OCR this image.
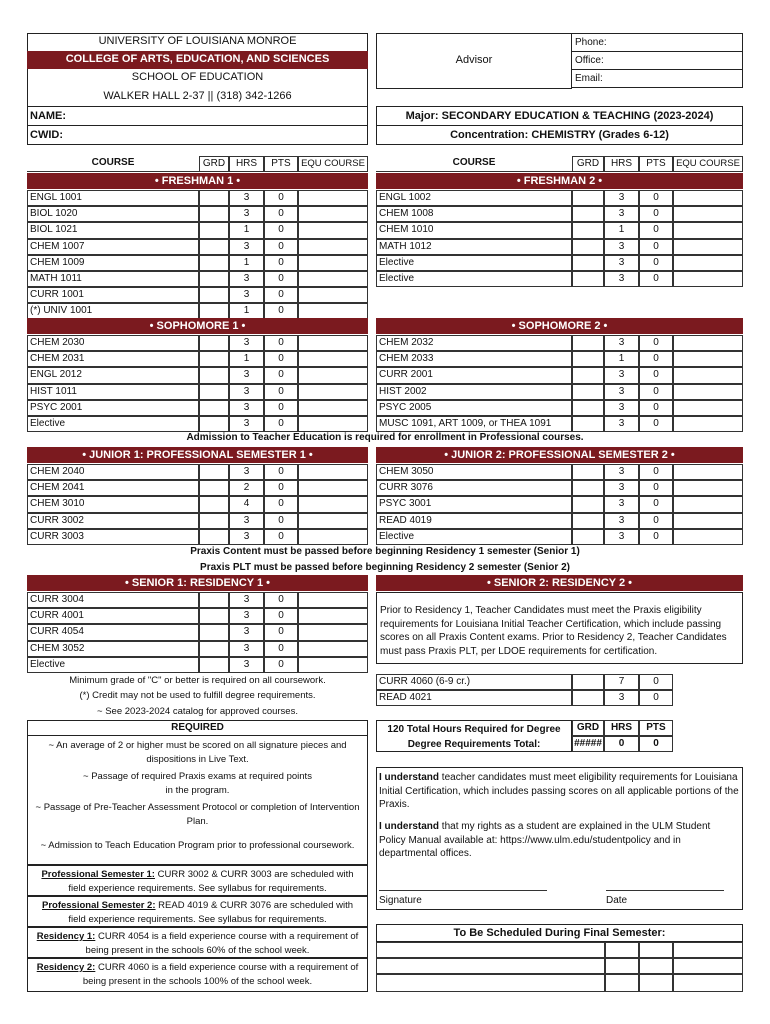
UNIVERSITY OF LOUISIANA MONROE
COLLEGE OF ARTS, EDUCATION, AND SCIENCES
SCHOOL OF EDUCATION
WALKER HALL 2-37 || (318) 342-1266
Advisor
Phone:
Office:
Email:
NAME:
CWID:
Major: SECONDARY EDUCATION & TEACHING (2023-2024)
Concentration: CHEMISTRY (Grades 6-12)
COURSE	GRD	HRS	PTS	EQU COURSE	COURSE	GRD	HRS	PTS	EQU COURSE
• FRESHMAN 1 •
ENGL 1001	3	0
BIOL 1020	3	0
BIOL 1021	1	0
CHEM 1007	3	0
CHEM 1009	1	0
MATH 1011	3	0
CURR 1001	3	0
(*) UNIV 1001	1	0
• FRESHMAN 2 •
ENGL 1002	3	0
CHEM 1008	3	0
CHEM 1010	1	0
MATH 1012	3	0
Elective	3	0
Elective	3	0
• SOPHOMORE 1 •
CHEM 2030	3	0
CHEM 2031	1	0
ENGL 2012	3	0
HIST 1011	3	0
PSYC 2001	3	0
Elective	3	0
• SOPHOMORE 2 •
CHEM 2032	3	0
CHEM 2033	1	0
CURR 2001	3	0
HIST 2002	3	0
PSYC 2005	3	0
MUSC 1091, ART 1009, or THEA 1091	3	0
• JUNIOR 1: PROFESSIONAL SEMESTER 1 •
CHEM 2040	3	0
CHEM 2041	2	0
CHEM 3010	4	0
CURR 3002	3	0
CURR 3003	3	0
• JUNIOR 2: PROFESSIONAL SEMESTER 2 •
CHEM 3050	3	0
CURR 3076	3	0
PSYC 3001	3	0
READ 4019	3	0
Elective	3	0
• SENIOR 1: RESIDENCY 1 •
CURR 3004	3	0
CURR 4001	3	0
CURR 4054	3	0
CHEM 3052	3	0
Elective	3	0
• SENIOR 2: RESIDENCY 2 •
CURR 4060 (6-9 cr.)	7	0
READ 4021	3	0
Admission to Teacher Education is required for enrollment in Professional courses.
Praxis Content must be passed before beginning Residency 1 semester (Senior 1)
Praxis PLT must be passed before beginning Residency 2 semester (Senior 2)
Prior to Residency 1, Teacher Candidates must meet the Praxis eligibility requirements for Louisiana Initial Teacher Certification, which include passing scores on all Praxis Content exams. Prior to Residency 2, Teacher Candidates must pass Praxis PLT, per LDOE requirements for certification.
Minimum grade of "C" or better is required on all coursework.
(*) Credit may not be used to fulfill degree requirements.
~ See 2023-2024 catalog for approved courses.
REQUIRED
~ An average of 2 or higher must be scored on all signature pieces and dispositions in Live Text.
~ Passage of required Praxis exams at required points in the program.
~ Passage of Pre-Teacher Assessment Protocol or completion of Intervention Plan.
~ Admission to Teach Education Program prior to professional coursework.
Professional Semester 1: CURR 3002 & CURR 3003 are scheduled with field experience requirements. See syllabus for requirements.
Professional Semester 2: READ 4019 & CURR 3076 are scheduled with field experience requirements. See syllabus for requirements.
Residency 1: CURR 4054 is a field experience course with a requirement of being present in the schools 60% of the school week.
Residency 2: CURR 4060 is a field experience course with a requirement of being present in the schools 100% of the school week.
120 Total Hours Required for Degree
Degree Requirements Total:
GRD	HRS	PTS
#####	0	0
I understand teacher candidates must meet eligibility requirements for Louisiana Initial Certification, which includes passing scores on all applicable portions of the Praxis.
I understand that my rights as a student are explained in the ULM Student Policy Manual available at: https://www.ulm.edu/studentpolicy and in departmental offices.
Signature	Date
To Be Scheduled During Final Semester:
